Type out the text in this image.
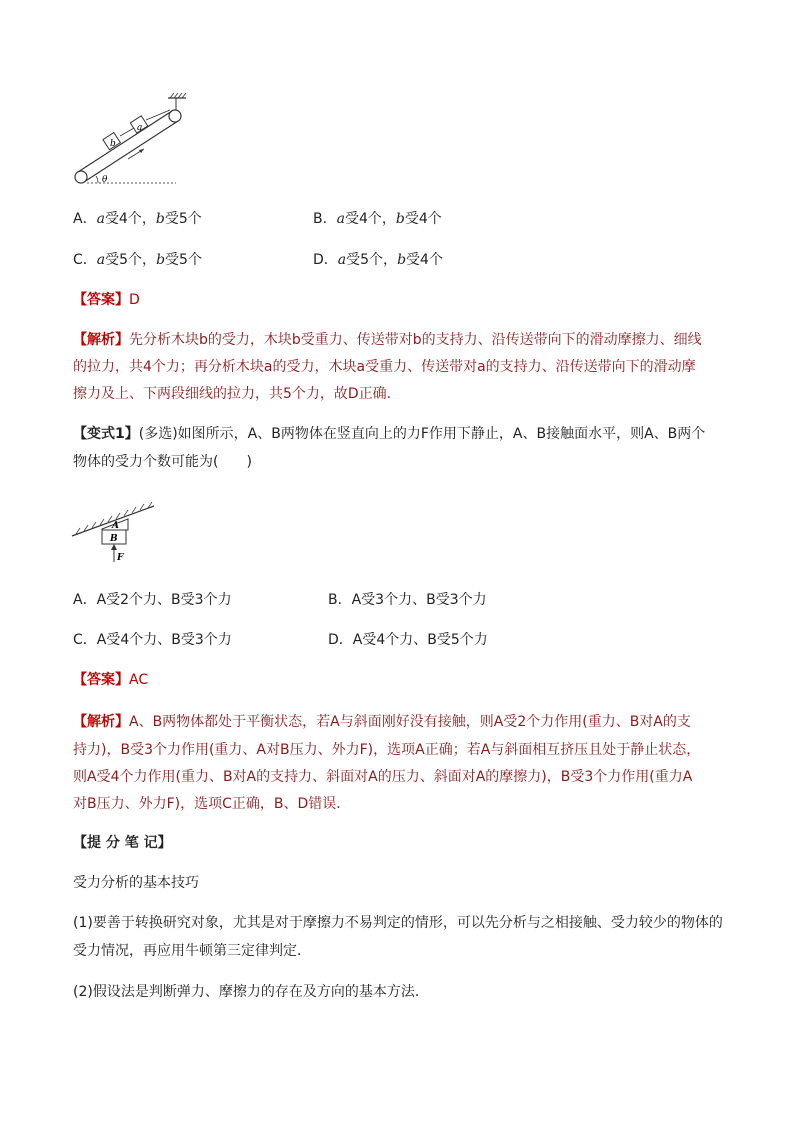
b
a
θ
A．a受4个，b受5个	B．a受4个，b受4个
C．a受5个，b受5个	D．a受5个，b受4个
【答案】D
【解析】先分析木块b的受力，木块b受重力、传送带对b的支持力、沿传送带向下的滑动摩擦力、细线
的拉力，共4个力；再分析木块a的受力，木块a受重力、传送带对a的支持力、沿传送带向下的滑动摩
擦力及上、下两段细线的拉力，共5个力，故D正确．
【变式1】(多选)如图所示，A、B两物体在竖直向上的力F作用下静止，A、B接触面水平，则A、B两个
物体的受力个数可能为(　　)
A
B
F
A．A受2个力、B受3个力	B．A受3个力、B受3个力
C．A受4个力、B受3个力	D．A受4个力、B受5个力
【答案】AC
【解析】A、B两物体都处于平衡状态，若A与斜面刚好没有接触，则A受2个力作用(重力、B对A的支
持力)，B受3个力作用(重力、A对B压力、外力F)，选项A正确；若A与斜面相互挤压且处于静止状态，
则A受4个力作用(重力、B对A的支持力、斜面对A的压力、斜面对A的摩擦力)，B受3个力作用(重力A
对B压力、外力F)，选项C正确，B、D错误．
【提 分 笔 记】
受力分析的基本技巧
(1)要善于转换研究对象，尤其是对于摩擦力不易判定的情形，可以先分析与之相接触、受力较少的物体的
受力情况，再应用牛顿第三定律判定．
(2)假设法是判断弹力、摩擦力的存在及方向的基本方法．
